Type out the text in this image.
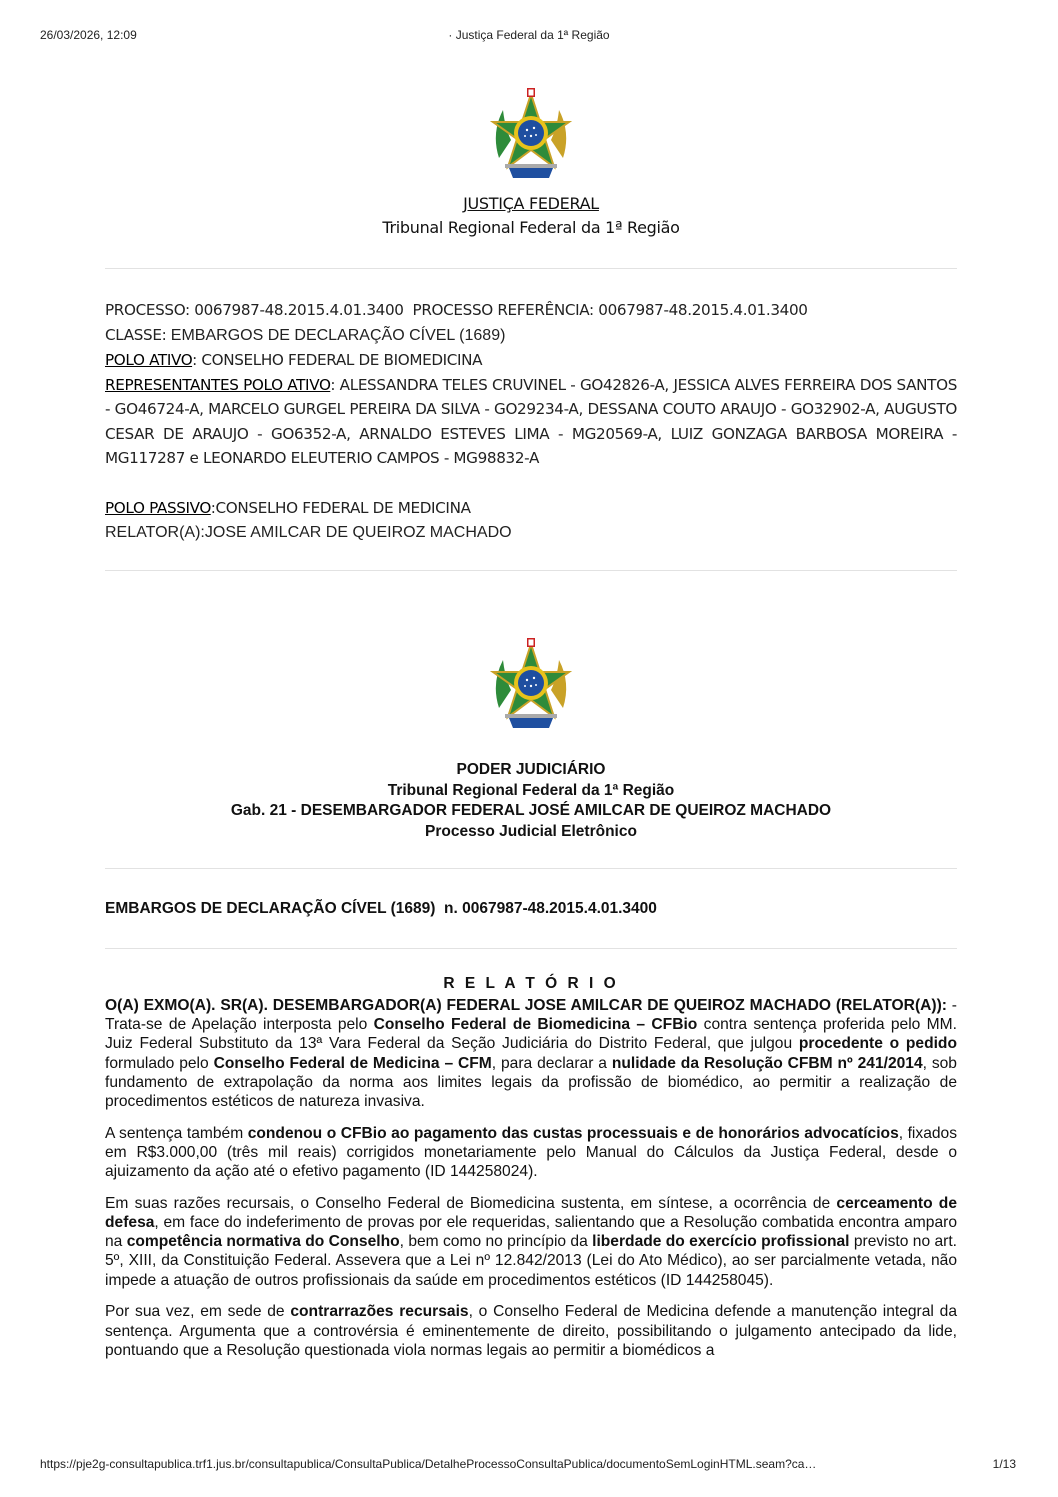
26/03/2026, 12:09	· Justiça Federal da 1ª Região
JUSTIÇA FEDERAL
Tribunal Regional Federal da 1ª Região

PROCESSO: 0067987-48.2015.4.01.3400  PROCESSO REFERÊNCIA: 0067987-48.2015.4.01.3400

CLASSE: EMBARGOS DE DECLARAÇÃO CÍVEL (1689)

POLO ATIVO: CONSELHO FEDERAL DE BIOMEDICINA

REPRESENTANTES POLO ATIVO: ALESSANDRA TELES CRUVINEL - GO42826-A, JESSICA ALVES FERREIRA DOS SANTOS - GO46724-A, MARCELO GURGEL PEREIRA DA SILVA - GO29234-A, DESSANA COUTO ARAUJO - GO32902-A, AUGUSTO CESAR DE ARAUJO - GO6352-A, ARNALDO ESTEVES LIMA - MG20569-A, LUIZ GONZAGA BARBOSA MOREIRA - MG117287 e LEONARDO ELEUTERIO CAMPOS - MG98832-A

POLO PASSIVO:CONSELHO FEDERAL DE MEDICINA

RELATOR(A):JOSE AMILCAR DE QUEIROZ MACHADO

PODER JUDICIÁRIO
Tribunal Regional Federal da 1ª Região
Gab. 21 - DESEMBARGADOR FEDERAL JOSÉ AMILCAR DE QUEIROZ MACHADO
Processo Judicial Eletrônico
EMBARGOS DE DECLARAÇÃO CÍVEL (1689)  n. 0067987-48.2015.4.01.3400
R E L A T Ó R I O

O(A) EXMO(A). SR(A). DESEMBARGADOR(A) FEDERAL JOSE AMILCAR DE QUEIROZ MACHADO (RELATOR(A)): - Trata-se de Apelação interposta pelo Conselho Federal de Biomedicina – CFBio contra sentença proferida pelo MM. Juiz Federal Substituto da 13ª Vara Federal da Seção Judiciária do Distrito Federal, que julgou procedente o pedido formulado pelo Conselho Federal de Medicina – CFM, para declarar a nulidade da Resolução CFBM nº 241/2014, sob fundamento de extrapolação da norma aos limites legais da profissão de biomédico, ao permitir a realização de procedimentos estéticos de natureza invasiva.

A sentença também condenou o CFBio ao pagamento das custas processuais e de honorários advocatícios, fixados em R$3.000,00 (três mil reais) corrigidos monetariamente pelo Manual do Cálculos da Justiça Federal, desde o ajuizamento da ação até o efetivo pagamento (ID 144258024).

Em suas razões recursais, o Conselho Federal de Biomedicina sustenta, em síntese, a ocorrência de cerceamento de defesa, em face do indeferimento de provas por ele requeridas, salientando que a Resolução combatida encontra amparo na competência normativa do Conselho, bem como no princípio da liberdade do exercício profissional previsto no art. 5º, XIII, da Constituição Federal. Assevera que a Lei nº 12.842/2013 (Lei do Ato Médico), ao ser parcialmente vetada, não impede a atuação de outros profissionais da saúde em procedimentos estéticos (ID 144258045).

Por sua vez, em sede de contrarrazões recursais, o Conselho Federal de Medicina defende a manutenção integral da sentença. Argumenta que a controvérsia é eminentemente de direito, possibilitando o julgamento antecipado da lide, pontuando que a Resolução questionada viola normas legais ao permitir a biomédicos a

https://pje2g-consultapublica.trf1.jus.br/consultapublica/ConsultaPublica/DetalheProcessoConsultaPublica/documentoSemLoginHTML.seam?ca…	1/13
